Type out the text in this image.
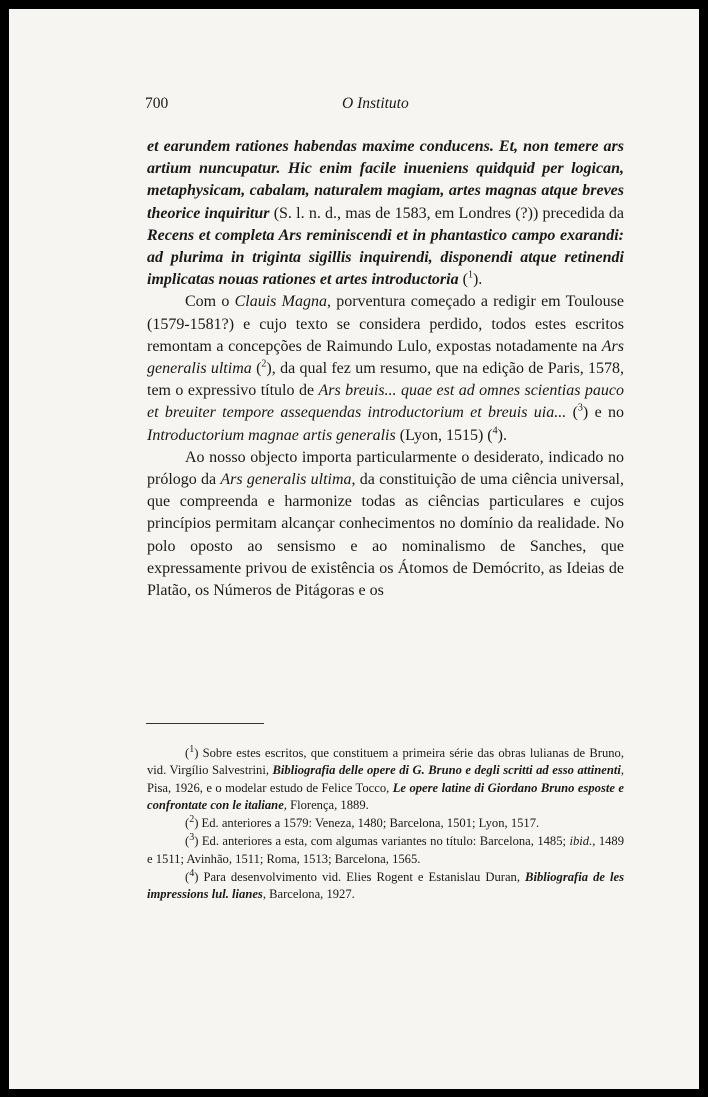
700	O Instituto

et earundem rationes habendas maxime conducens. Et, non temere ars artium nuncupatur. Hic enim facile inueniens quidquid per logican, metaphysicam, cabalam, naturalem magiam, artes magnas atque breves theorice inquiritur (S. l. n. d., mas de 1583, em Londres (?)) precedida da Recens et completa Ars reminiscendi et in phantastico campo exarandi: ad plurima in triginta sigillis inquirendi, disponendi atque retinendi implicatas nouas rationes et artes introductoria ($^1$).

Com o Clauis Magna, porventura começado a redigir em Toulouse (1579-1581?) e cujo texto se considera perdido, todos estes escritos remontam a concepções de Raimundo Lulo, expostas notadamente na Ars generalis ultima ($^2$), da qual fez um resumo, que na edição de Paris, 1578, tem o expressivo título de Ars breuis... quae est ad omnes scientias pauco et breuiter tempore assequendas introductorium et breuis uia... ($^3$) e no Introductorium magnae artis generalis (Lyon, 1515) ($^4$).

Ao nosso objecto importa particularmente o desiderato, indicado no prólogo da Ars generalis ultima, da constituição de uma ciência universal, que compreenda e harmonize todas as ciências particulares e cujos princípios permitam alcançar conhecimentos no domínio da realidade. No polo oposto ao sensismo e ao nominalismo de Sanches, que expressamente privou de existência os Átomos de Demócrito, as Ideias de Platão, os Números de Pitágoras e os

($^1$) Sobre estes escritos, que constituem a primeira série das obras lulianas de Bruno, vid. Virgílio Salvestrini, Bibliografia delle opere di G. Bruno e degli scritti ad esso attinenti, Pisa, 1926, e o modelar estudo de Felice Tocco, Le opere latine di Giordano Bruno esposte e confrontate con le italiane, Florença, 1889.

($^2$) Ed. anteriores a 1579: Veneza, 1480; Barcelona, 1501; Lyon, 1517.

($^3$) Ed. anteriores a esta, com algumas variantes no título: Barcelona, 1485; ibid., 1489 e 1511; Avinhão, 1511; Roma, 1513; Barcelona, 1565.

($^4$) Para desenvolvimento vid. Elies Rogent e Estanislau Duran, Bibliografia de les impressions lul. lianes, Barcelona, 1927.
